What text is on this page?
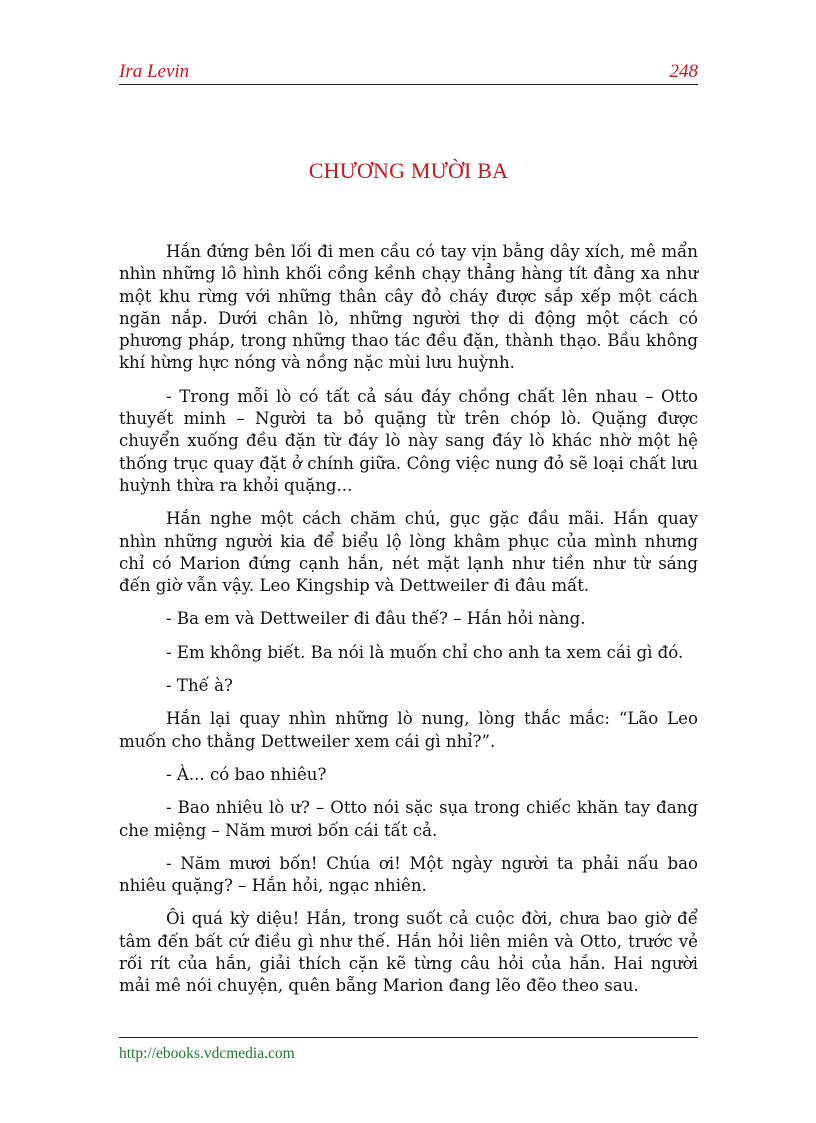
Ira Levin	248
CHƯƠNG MƯỜI BA

Hắn đứng bên lối đi men cầu có tay vịn bằng dây xích, mê mẩn nhìn những lô hình khối cồng kềnh chạy thẳng hàng tít đằng xa như một khu rừng với những thân cây đỏ cháy được sắp xếp một cách ngăn nắp. Dưới chân lò, những người thợ di động một cách có phương pháp, trong những thao tác đều đặn, thành thạo. Bầu không khí hừng hực nóng và nồng nặc mùi lưu huỳnh.

- Trong mỗi lò có tất cả sáu đáy chồng chất lên nhau – Otto thuyết minh – Người ta bỏ quặng từ trên chóp lò. Quặng được chuyển xuống đều đặn từ đáy lò này sang đáy lò khác nhờ một hệ thống trục quay đặt ở chính giữa. Công việc nung đỏ sẽ loại chất lưu huỳnh thừa ra khỏi quặng...

Hắn nghe một cách chăm chú, gục gặc đầu mãi. Hắn quay nhìn những người kia để biểu lộ lòng khâm phục của mình nhưng chỉ có Marion đứng cạnh hắn, nét mặt lạnh như tiền như từ sáng đến giờ vẫn vậy. Leo Kingship và Dettweiler đi đâu mất.

- Ba em và Dettweiler đi đâu thế? – Hắn hỏi nàng.

- Em không biết. Ba nói là muốn chỉ cho anh ta xem cái gì đó.

- Thế à?

Hắn lại quay nhìn những lò nung, lòng thắc mắc: “Lão Leo muốn cho thằng Dettweiler xem cái gì nhỉ?”.

- À... có bao nhiêu?

- Bao nhiêu lò ư? – Otto nói sặc sụa trong chiếc khăn tay đang che miệng – Năm mươi bốn cái tất cả.

- Năm mươi bốn! Chúa ơi! Một ngày người ta phải nấu bao nhiêu quặng? – Hắn hỏi, ngạc nhiên.

Ôi quá kỳ diệu! Hắn, trong suốt cả cuộc đời, chưa bao giờ để tâm đến bất cứ điều gì như thế. Hắn hỏi liên miên và Otto, trước vẻ rối rít của hắn, giải thích cặn kẽ từng câu hỏi của hắn. Hai người mải mê nói chuyện, quên bẵng Marion đang lẽo đẽo theo sau.

http://ebooks.vdcmedia.com
